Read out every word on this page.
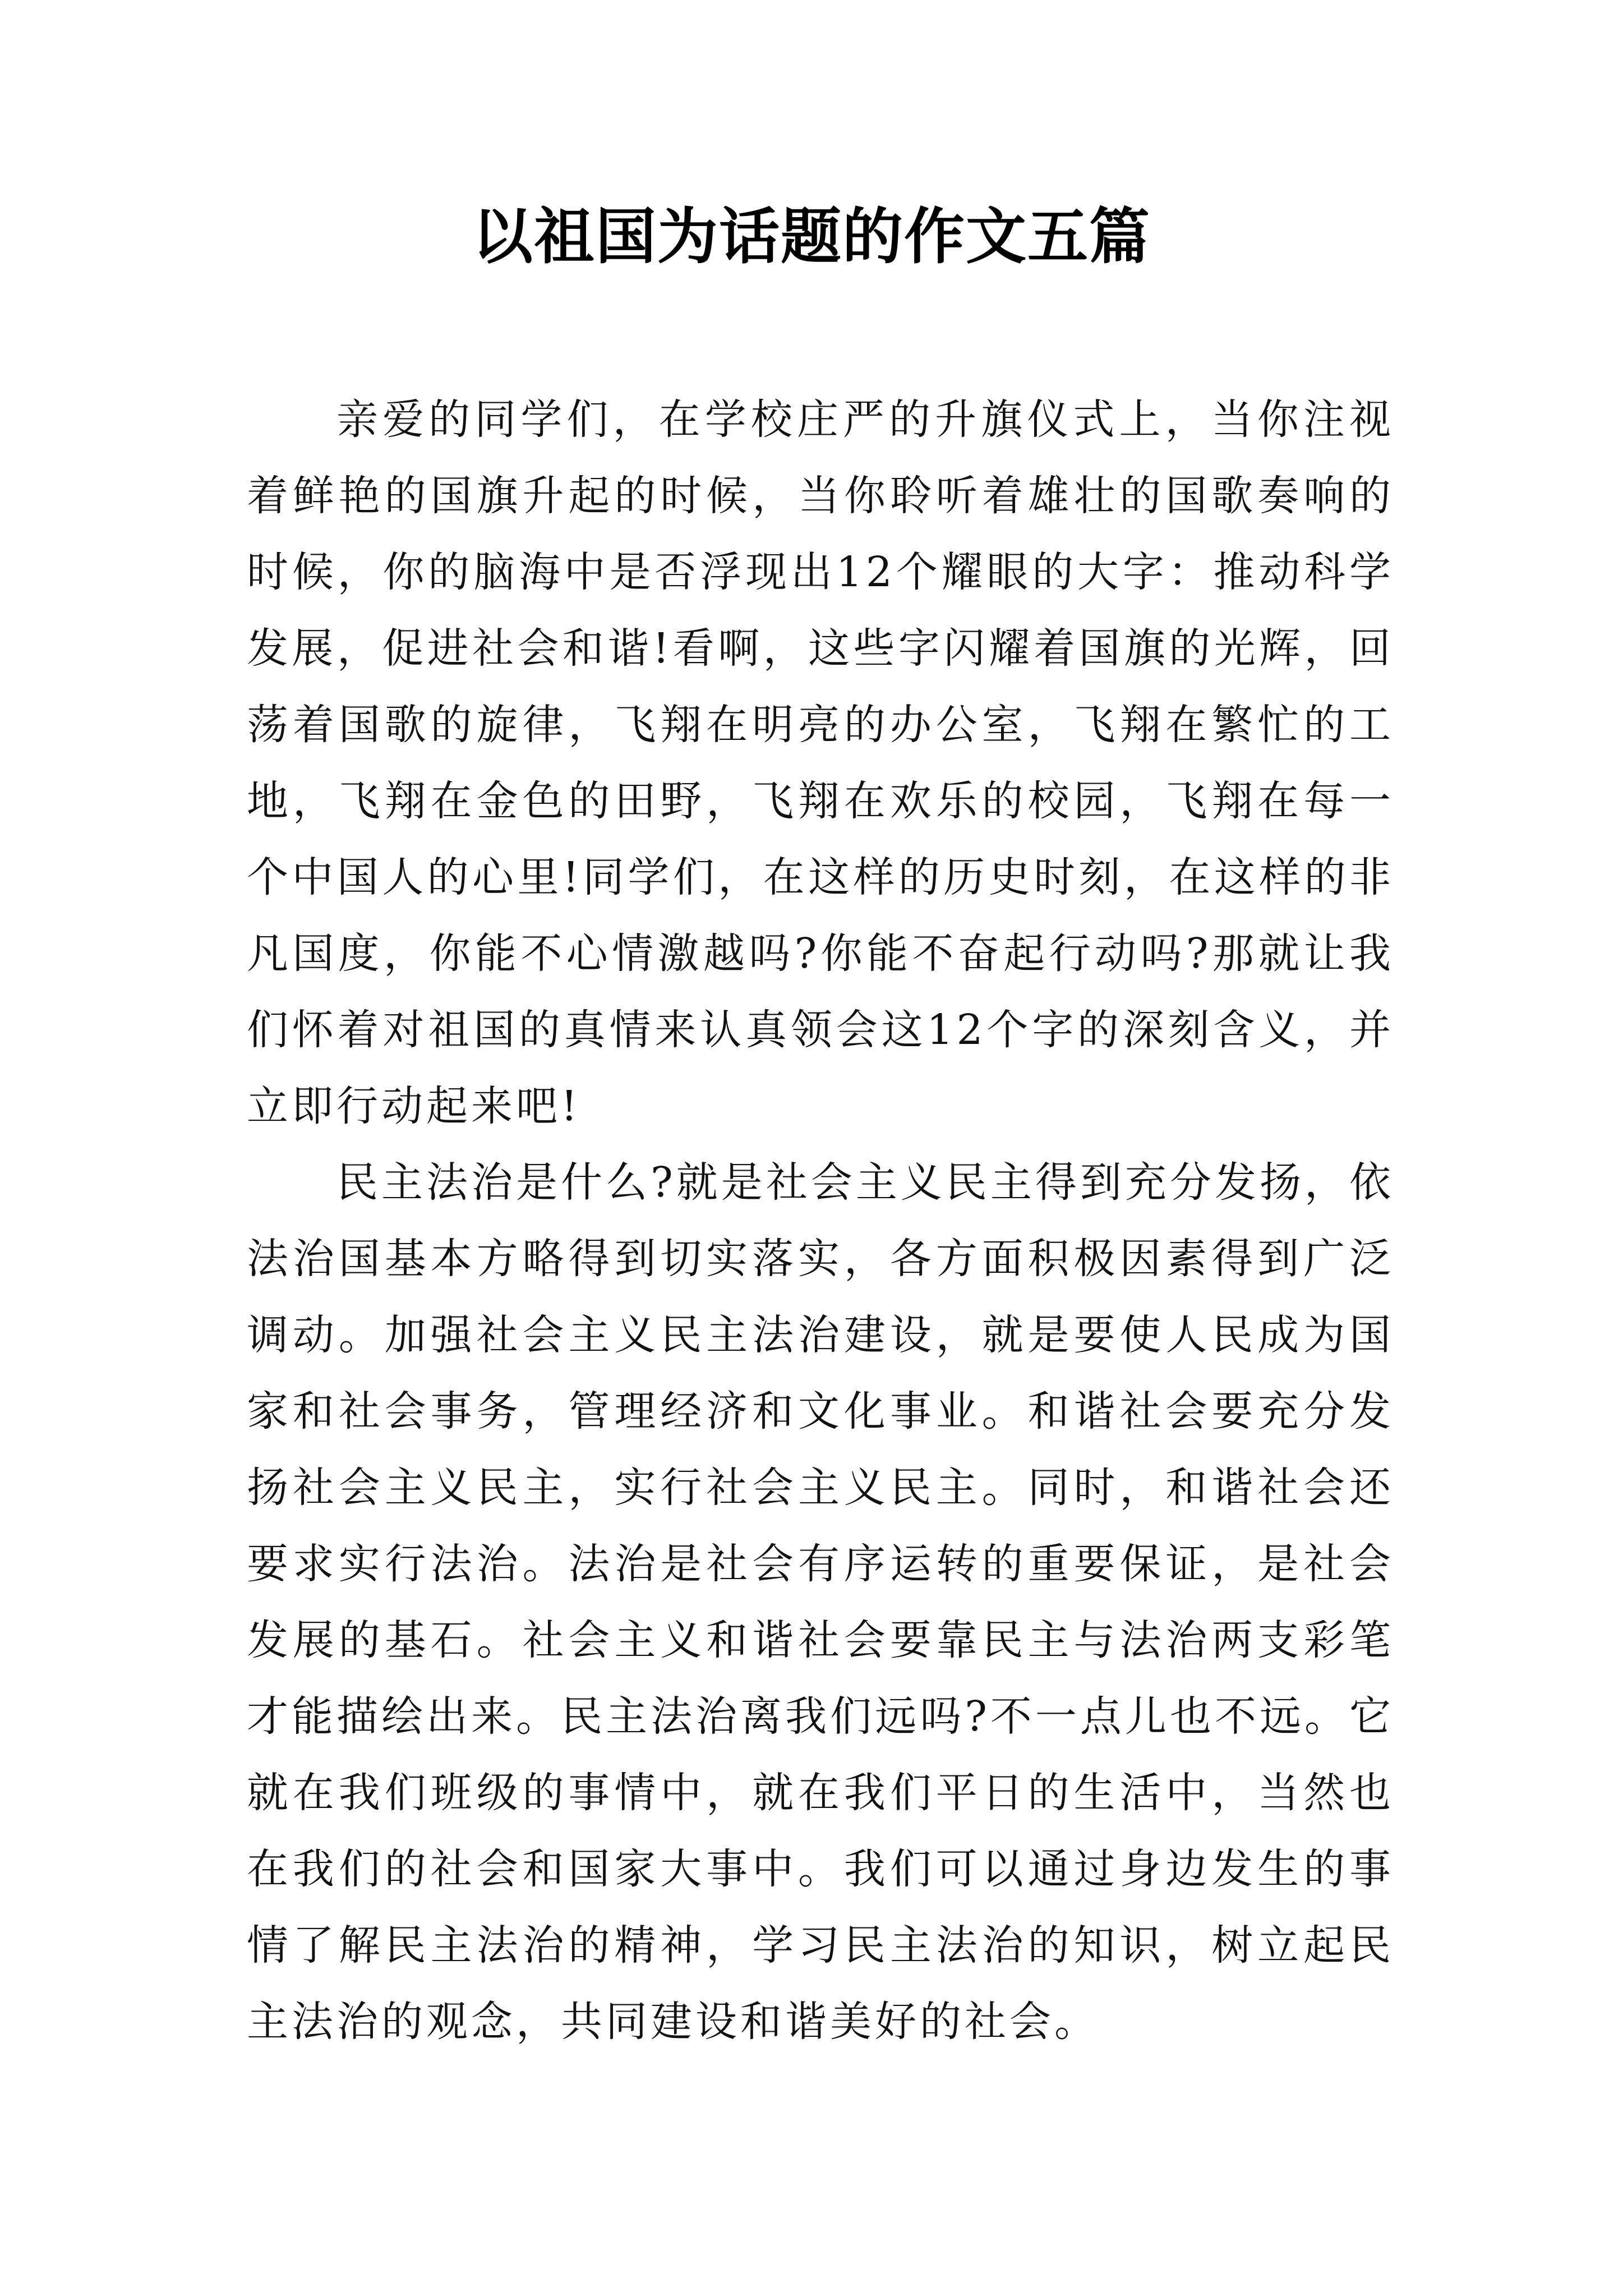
以祖国为话题的作文五篇

亲爱的同学们，在学校庄严的升旗仪式上，当你注视着鲜艳的国旗升起的时候，当你聆听着雄壮的国歌奏响的时候，你的脑海中是否浮现出12个耀眼的大字：推动科学发展，促进社会和谐!看啊，这些字闪耀着国旗的光辉，回荡着国歌的旋律，飞翔在明亮的办公室，飞翔在繁忙的工地，飞翔在金色的田野，飞翔在欢乐的校园，飞翔在每一个中国人的心里!同学们，在这样的历史时刻，在这样的非凡国度，你能不心情激越吗?你能不奋起行动吗?那就让我们怀着对祖国的真情来认真领会这12个字的深刻含义，并立即行动起来吧!

民主法治是什么?就是社会主义民主得到充分发扬，依法治国基本方略得到切实落实，各方面积极因素得到广泛调动。加强社会主义民主法治建设，就是要使人民成为国家和社会事务，管理经济和文化事业。和谐社会要充分发扬社会主义民主，实行社会主义民主。同时，和谐社会还要求实行法治。法治是社会有序运转的重要保证，是社会发展的基石。社会主义和谐社会要靠民主与法治两支彩笔才能描绘出来。民主法治离我们远吗?不一点儿也不远。它就在我们班级的事情中，就在我们平日的生活中，当然也在我们的社会和国家大事中。我们可以通过身边发生的事情了解民主法治的精神，学习民主法治的知识，树立起民主法治的观念，共同建设和谐美好的社会。
